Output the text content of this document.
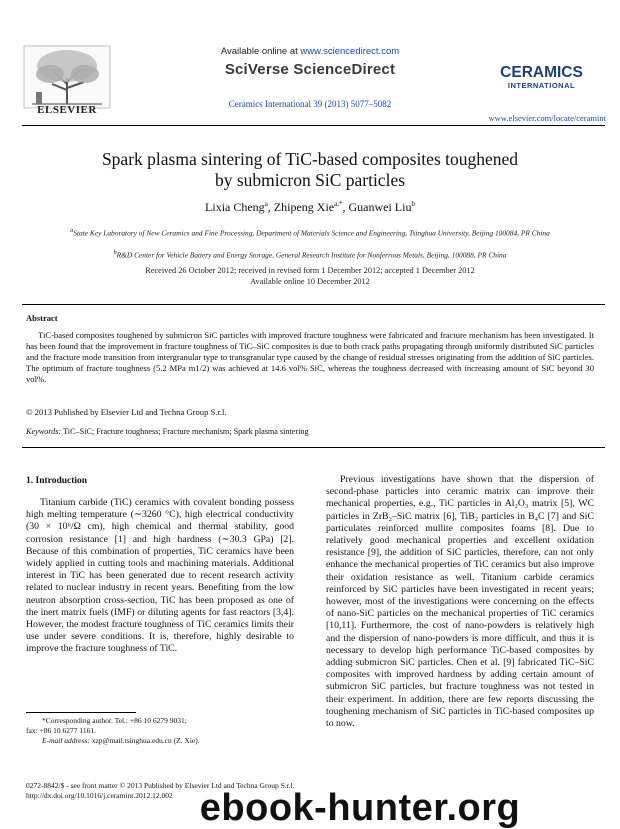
ELSEVIER
Available online at www.sciencedirect.com
SciVerse ScienceDirect
Ceramics International 39 (2013) 5077–5082
CERAMICS
INTERNATIONAL
www.elsevier.com/locate/ceramint
Spark plasma sintering of TiC-based composites toughened
by submicron SiC particles
Lixia Cheng$^a$, Zhipeng Xie$^{a,*}$, Guanwei Liu$^b$
$^a$State Key Laboratory of New Ceramics and Fine Processing, Department of Materials Science and Engineering, Tsinghua University, Beijing 100084, PR China
$^b$R&D Center for Vehicle Battery and Energy Storage, General Research Institute for Nonferrous Metals, Beijing, 100088, PR China
Received 26 October 2012; received in revised form 1 December 2012; accepted 1 December 2012
Available online 10 December 2012
Abstract
TiC-based composites toughened by submicron SiC particles with improved fracture toughness were fabricated and fracture mechanism has been investigated. It has been found that the improvement in fracture toughness of TiC–SiC composites is due to both crack paths propagating through uniformly distributed SiC particles and the fracture mode transition from intergranular type to transgranular type caused by the change of residual stresses originating from the addition of SiC particles. The optimum of fracture toughness (5.2 MPa m1/2) was achieved at 14.6 vol% SiC, whereas the toughness decreased with increasing amount of SiC beyond 30 vol%.
© 2013 Published by Elsevier Ltd and Techna Group S.r.l.
Keywords: TiC–SiC; Fracture toughness; Fracture mechanism; Spark plasma sintering
1. Introduction

Titanium carbide (TiC) ceramics with covalent bonding possess high melting temperature (∼3260 °C), high electrical conductivity (30 × 10⁶/Ω cm), high chemical and thermal stability, good corrosion resistance [1] and high hardness (∼30.3 GPa) [2]. Because of this combination of properties, TiC ceramics have been widely applied in cutting tools and machining materials. Additional interest in TiC has been generated due to recent research activity related to nuclear industry in recent years. Benefiting from the low neutron absorption cross-section, TiC has been proposed as one of the inert matrix fuels (IMF) or diluting agents for fast reactors [3,4]. However, the modest fracture toughness of TiC ceramics limits their use under severe conditions. It is, therefore, highly desirable to improve the fracture toughness of TiC.

Previous investigations have shown that the dispersion of second-phase particles into ceramic matrix can improve their mechanical properties, e.g., TiC particles in Al₂O₃ matrix [5], WC particles in ZrB₂–SiC matrix [6], TiB₂ particles in B₄C [7] and SiC particulates reinforced mullite composites foams [8]. Due to relatively good mechanical properties and excellent oxidation resistance [9], the addition of SiC particles, therefore, can not only enhance the mechanical properties of TiC ceramics but also improve their oxidation resistance as well. Titanium carbide ceramics reinforced by SiC particles have been investigated in recent years; however, most of the investigations were concerning on the effects of nano-SiC particles on the mechanical properties of TiC ceramics [10,11]. Furthermore, the cost of nano-powders is relatively high and the dispersion of nano-powders is more difficult, and thus it is necessary to develop high performance TiC-based composites by adding submicron SiC particles. Chen et al. [9] fabricated TiC–SiC composites with improved hardness by adding certain amount of submicron SiC particles, but fracture toughness was not tested in their experiment. In addition, there are few reports discussing the toughening mechanism of SiC particles in TiC-based composites up to now.

*Corresponding author. Tel.: +86 10 6279 9031;
fax: +86 10 6277 1161.
E-mail address: xzp@mail.tsinghua.edu.cn (Z. Xie).
0272-8842/$ - see front matter © 2013 Published by Elsevier Ltd and Techna Group S.r.l.
http://dx.doi.org/10.1016/j.ceramint.2012.12.002 ebook-hunter.org
